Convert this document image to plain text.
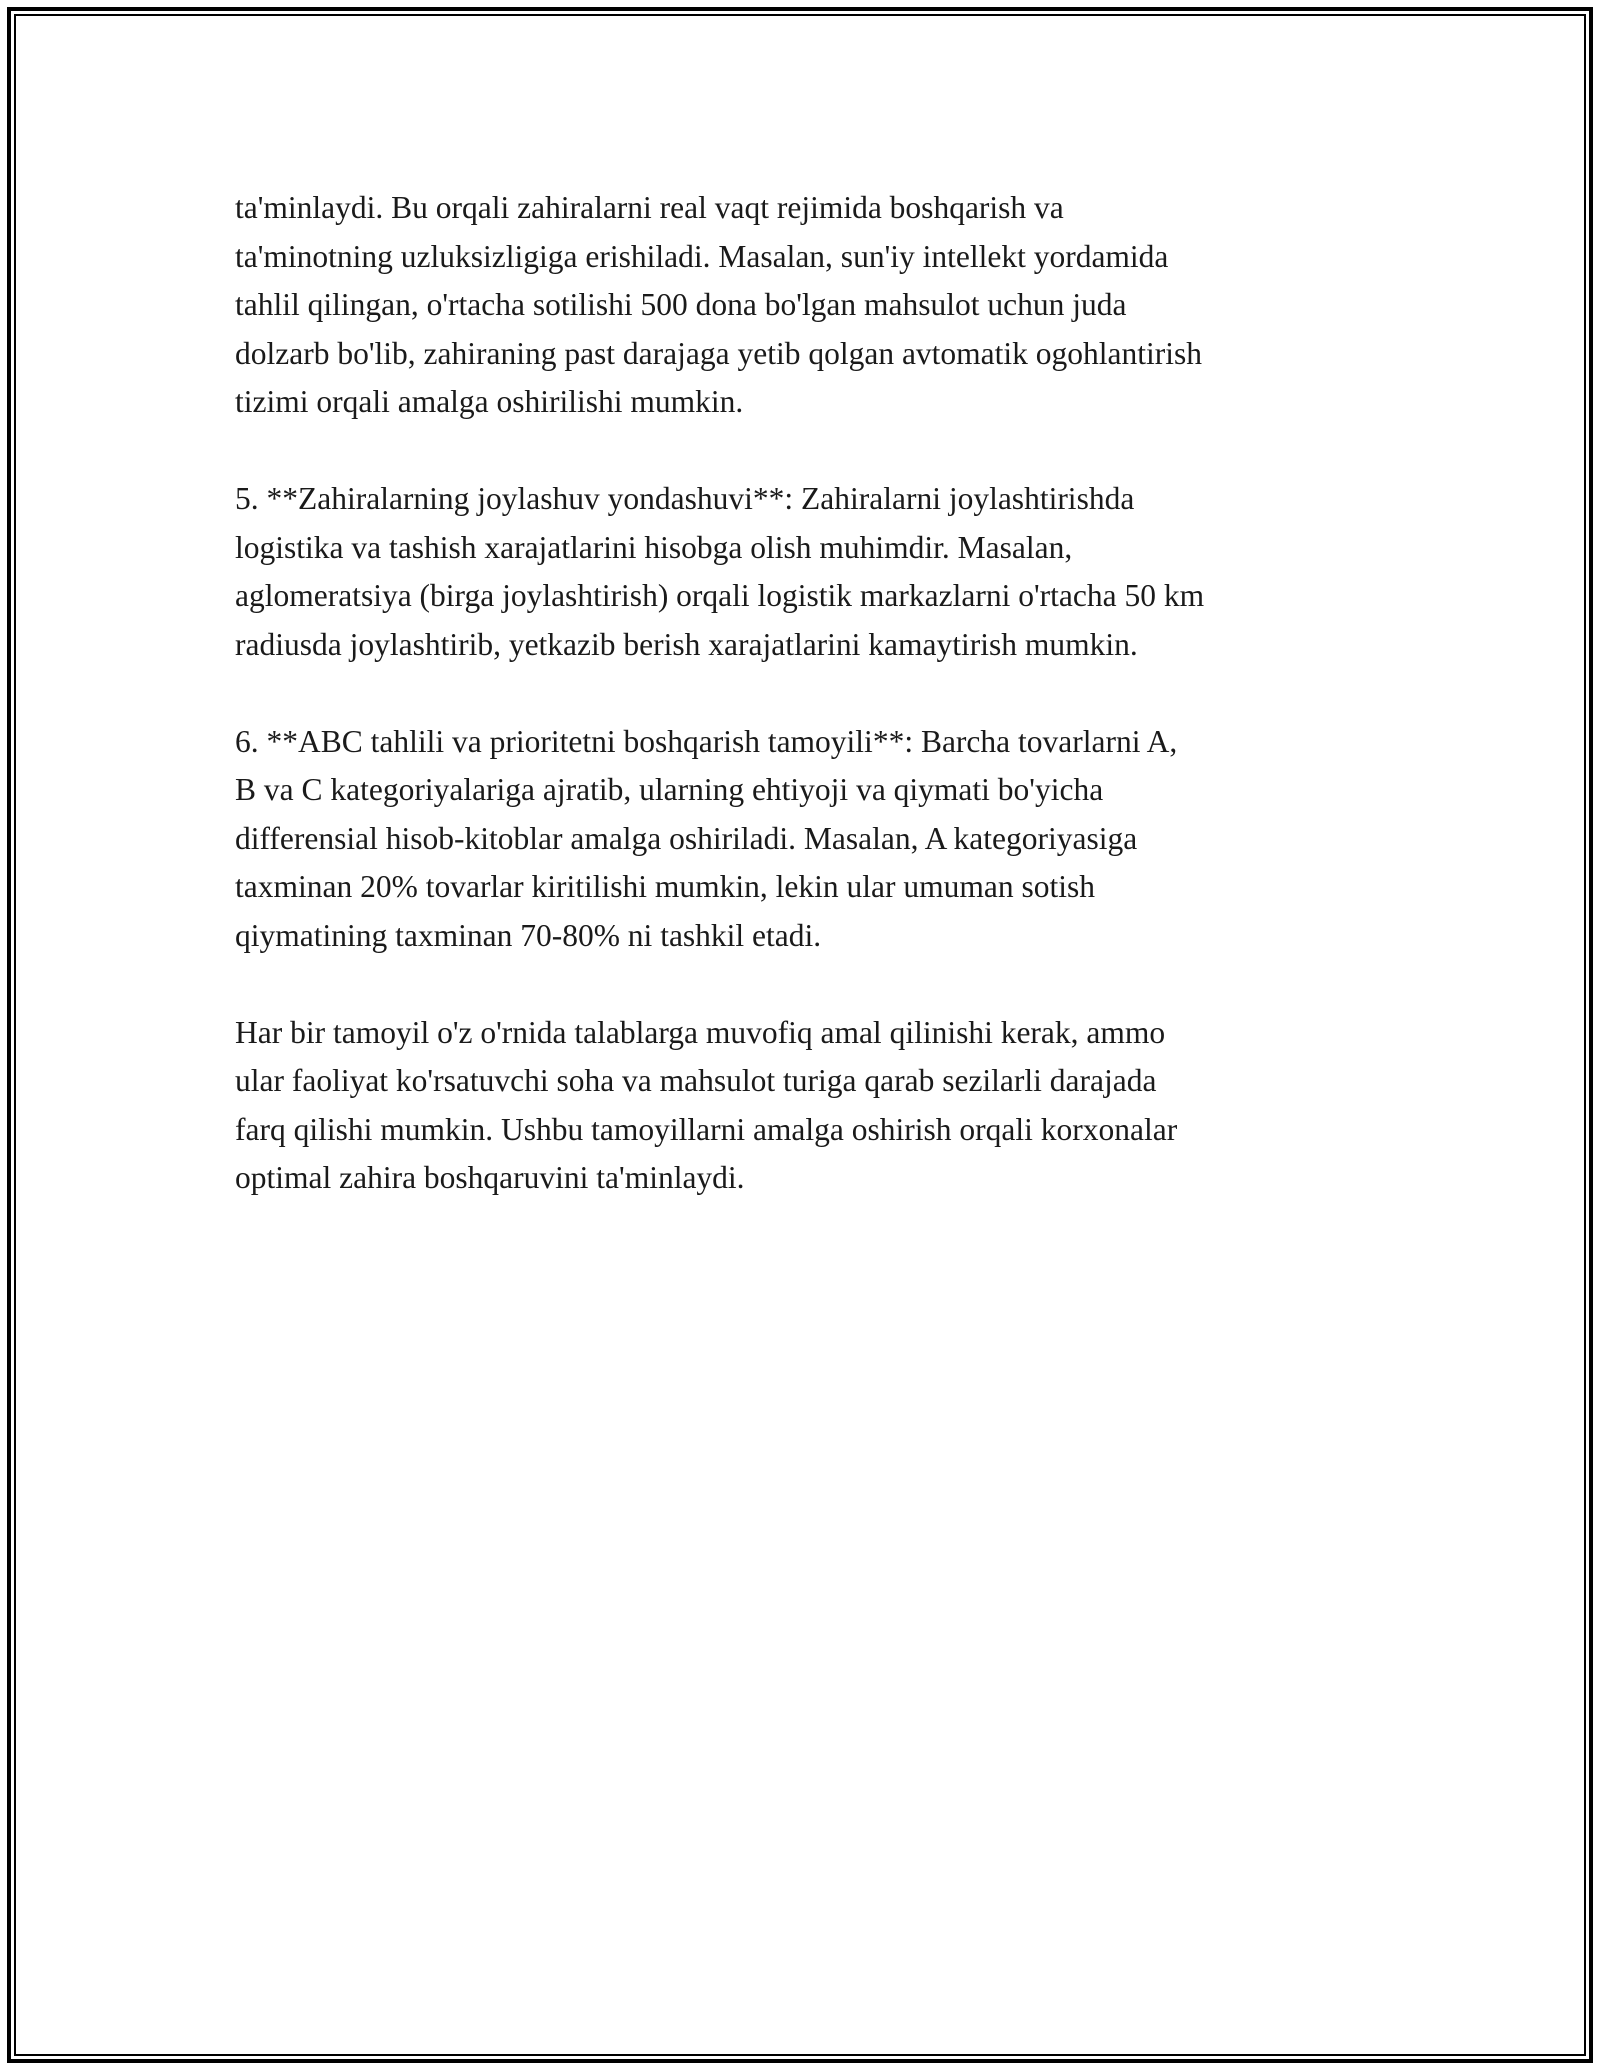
ta'minlaydi. Bu orqali zahiralarni real vaqt rejimida boshqarish va
ta'minotning uzluksizligiga erishiladi. Masalan, sun'iy intellekt yordamida
tahlil qilingan, o'rtacha sotilishi 500 dona bo'lgan mahsulot uchun juda
dolzarb bo'lib, zahiraning past darajaga yetib qolgan avtomatik ogohlantirish
tizimi orqali amalga oshirilishi mumkin.

5. **Zahiralarning joylashuv yondashuvi**: Zahiralarni joylashtirishda
logistika va tashish xarajatlarini hisobga olish muhimdir. Masalan,
aglomeratsiya (birga joylashtirish) orqali logistik markazlarni o'rtacha 50 km
radiusda joylashtirib, yetkazib berish xarajatlarini kamaytirish mumkin.

6. **ABC tahlili va prioritetni boshqarish tamoyili**: Barcha tovarlarni A,
B va C kategoriyalariga ajratib, ularning ehtiyoji va qiymati bo'yicha
differensial hisob-kitoblar amalga oshiriladi. Masalan, A kategoriyasiga
taxminan 20% tovarlar kiritilishi mumkin, lekin ular umuman sotish
qiymatining taxminan 70-80% ni tashkil etadi.

Har bir tamoyil o'z o'rnida talablarga muvofiq amal qilinishi kerak, ammo
ular faoliyat ko'rsatuvchi soha va mahsulot turiga qarab sezilarli darajada
farq qilishi mumkin. Ushbu tamoyillarni amalga oshirish orqali korxonalar
optimal zahira boshqaruvini ta'minlaydi.
